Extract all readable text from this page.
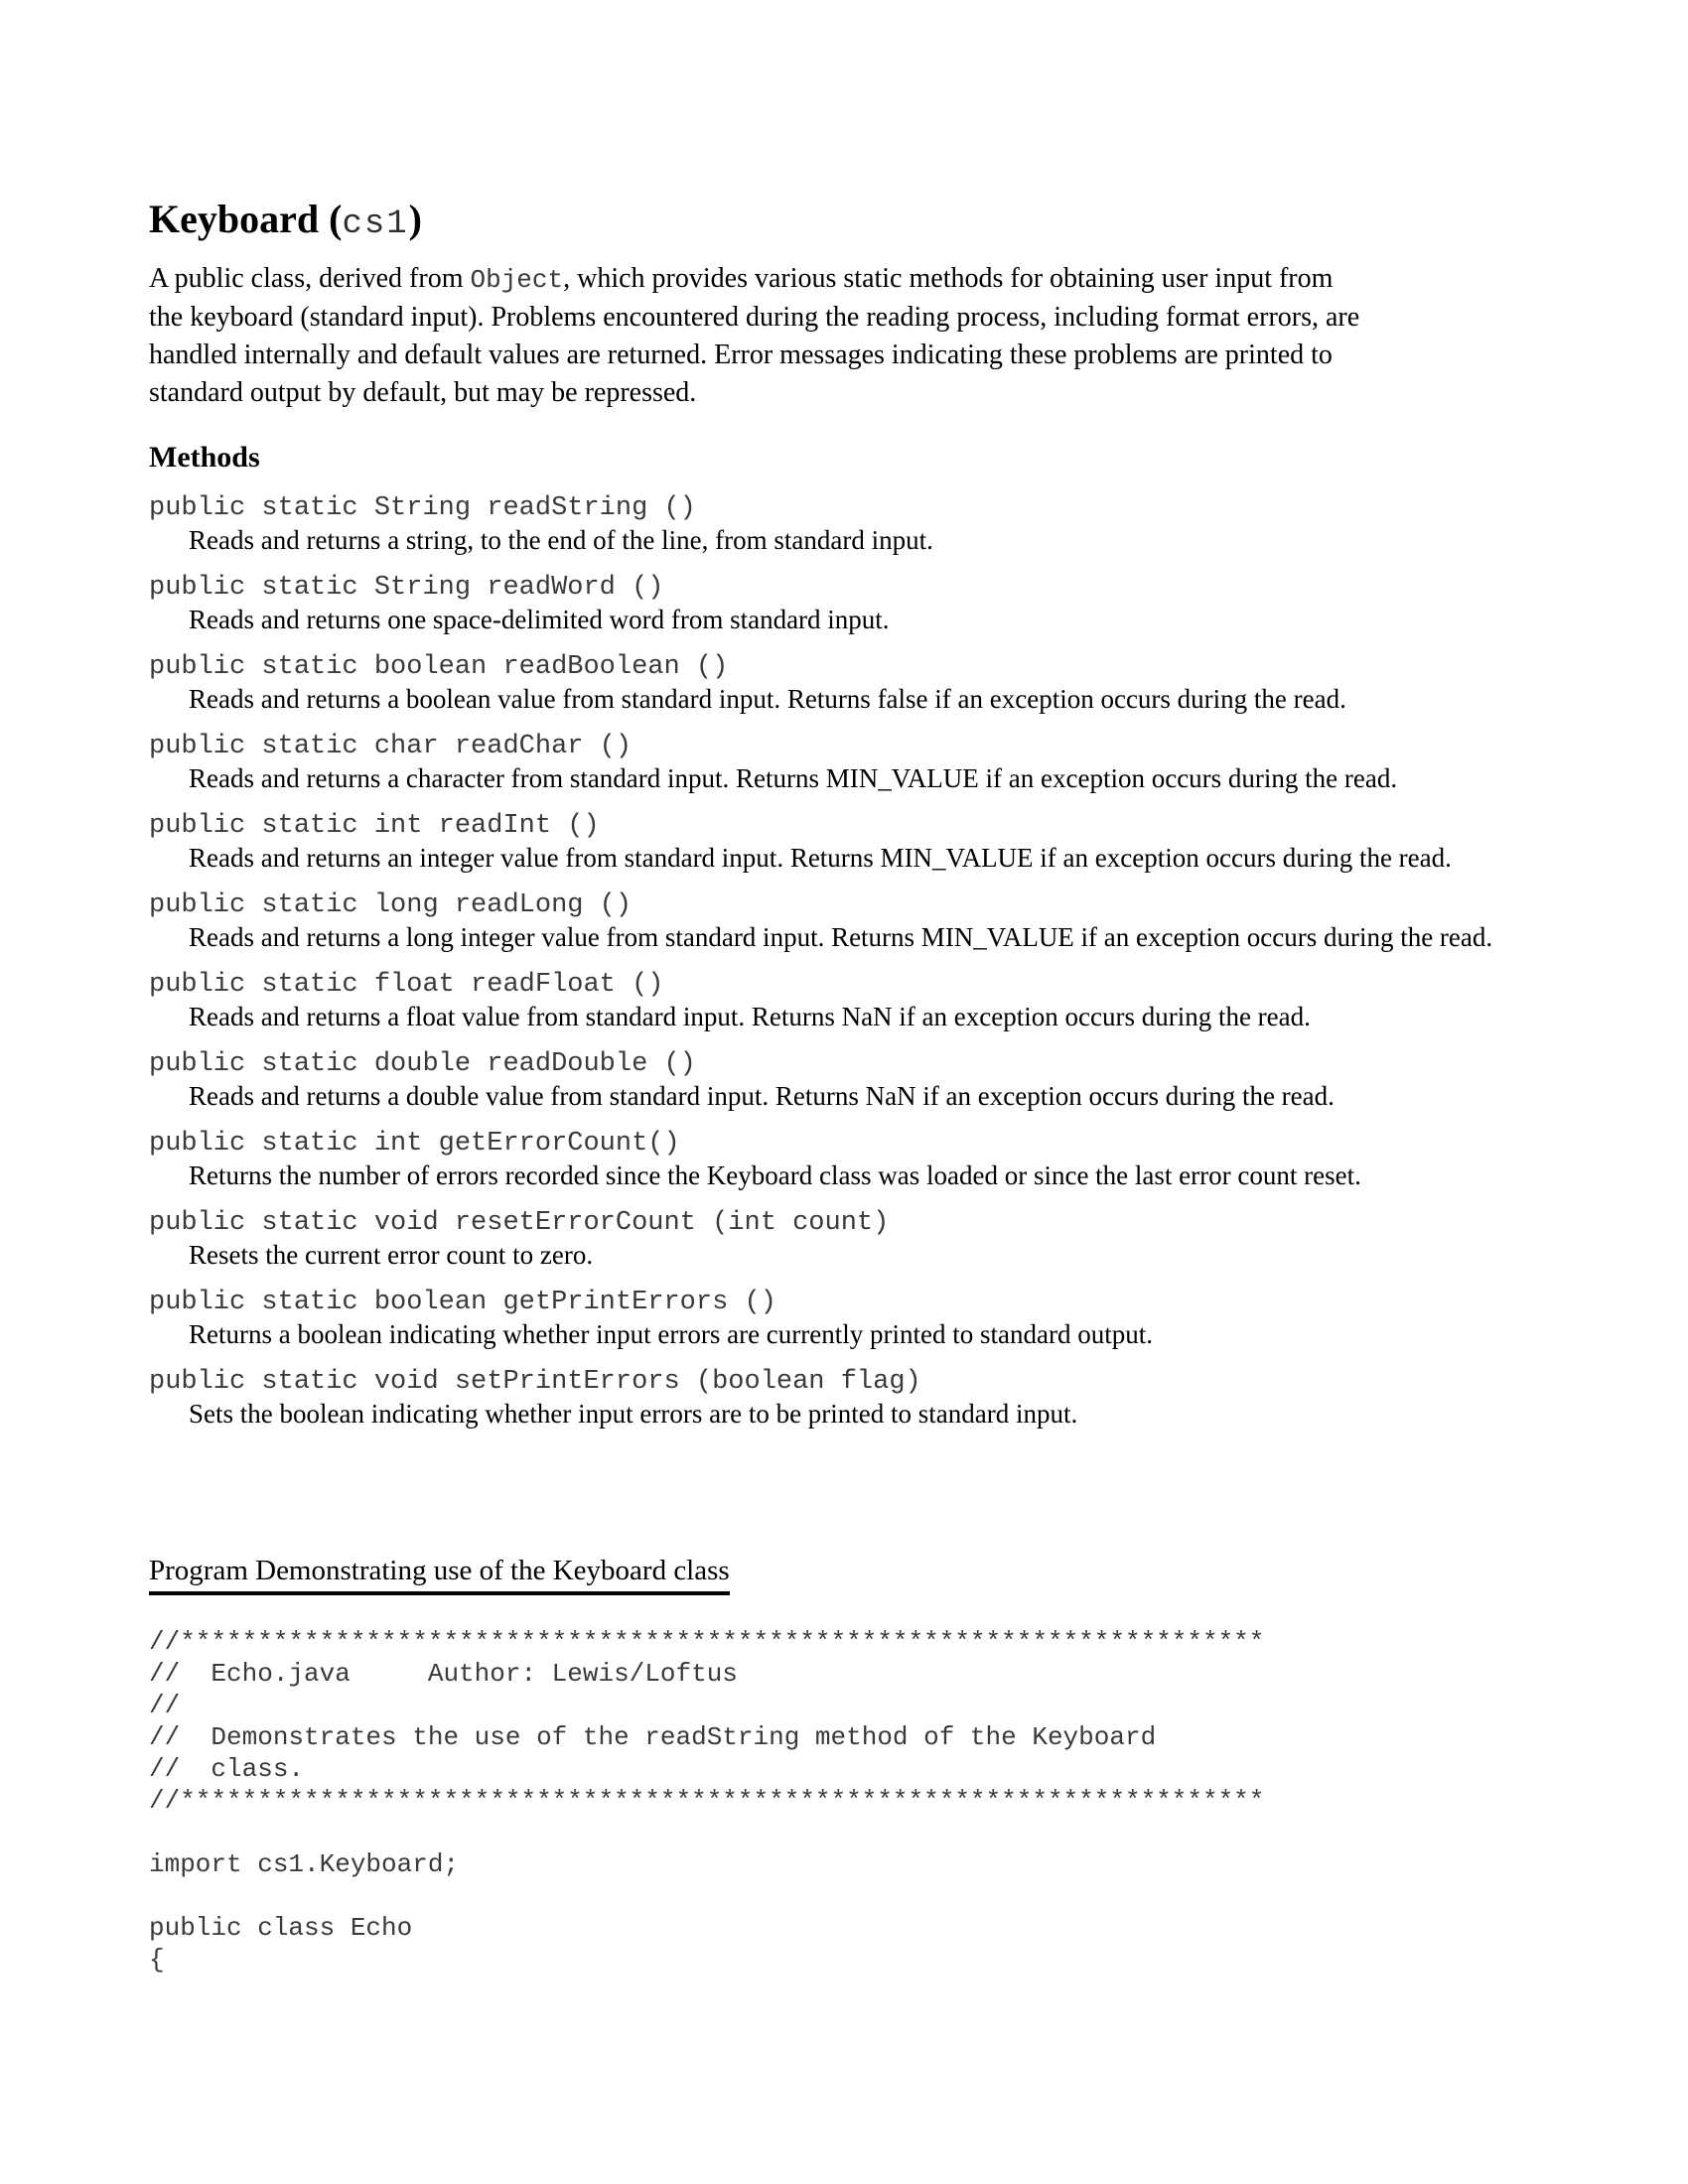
Keyboard (cs1)
A public class, derived from Object, which provides various static methods for obtaining user input from
the keyboard (standard input). Problems encountered during the reading process, including format errors, are
handled internally and default values are returned. Error messages indicating these problems are printed to
standard output by default, but may be repressed.
Methods
public static String readString ()
Reads and returns a string, to the end of the line, from standard input.
public static String readWord ()
Reads and returns one space-delimited word from standard input.
public static boolean readBoolean ()
Reads and returns a boolean value from standard input. Returns false if an exception occurs during the read.
public static char readChar ()
Reads and returns a character from standard input. Returns MIN_VALUE if an exception occurs during the read.
public static int readInt ()
Reads and returns an integer value from standard input. Returns MIN_VALUE if an exception occurs during the read.
public static long readLong ()
Reads and returns a long integer value from standard input. Returns MIN_VALUE if an exception occurs during the read.
public static float readFloat ()
Reads and returns a float value from standard input. Returns NaN if an exception occurs during the read.
public static double readDouble ()
Reads and returns a double value from standard input. Returns NaN if an exception occurs during the read.
public static int getErrorCount()
Returns the number of errors recorded since the Keyboard class was loaded or since the last error count reset.
public static void resetErrorCount (int count)
Resets the current error count to zero.
public static boolean getPrintErrors ()
Returns a boolean indicating whether input errors are currently printed to standard output.
public static void setPrintErrors (boolean flag)
Sets the boolean indicating whether input errors are to be printed to standard input.
Program Demonstrating use of the Keyboard class
//**********************************************************************
//  Echo.java     Author: Lewis/Loftus
//
//  Demonstrates the use of the readString method of the Keyboard
//  class.
//**********************************************************************
import cs1.Keyboard;
public class Echo
{
